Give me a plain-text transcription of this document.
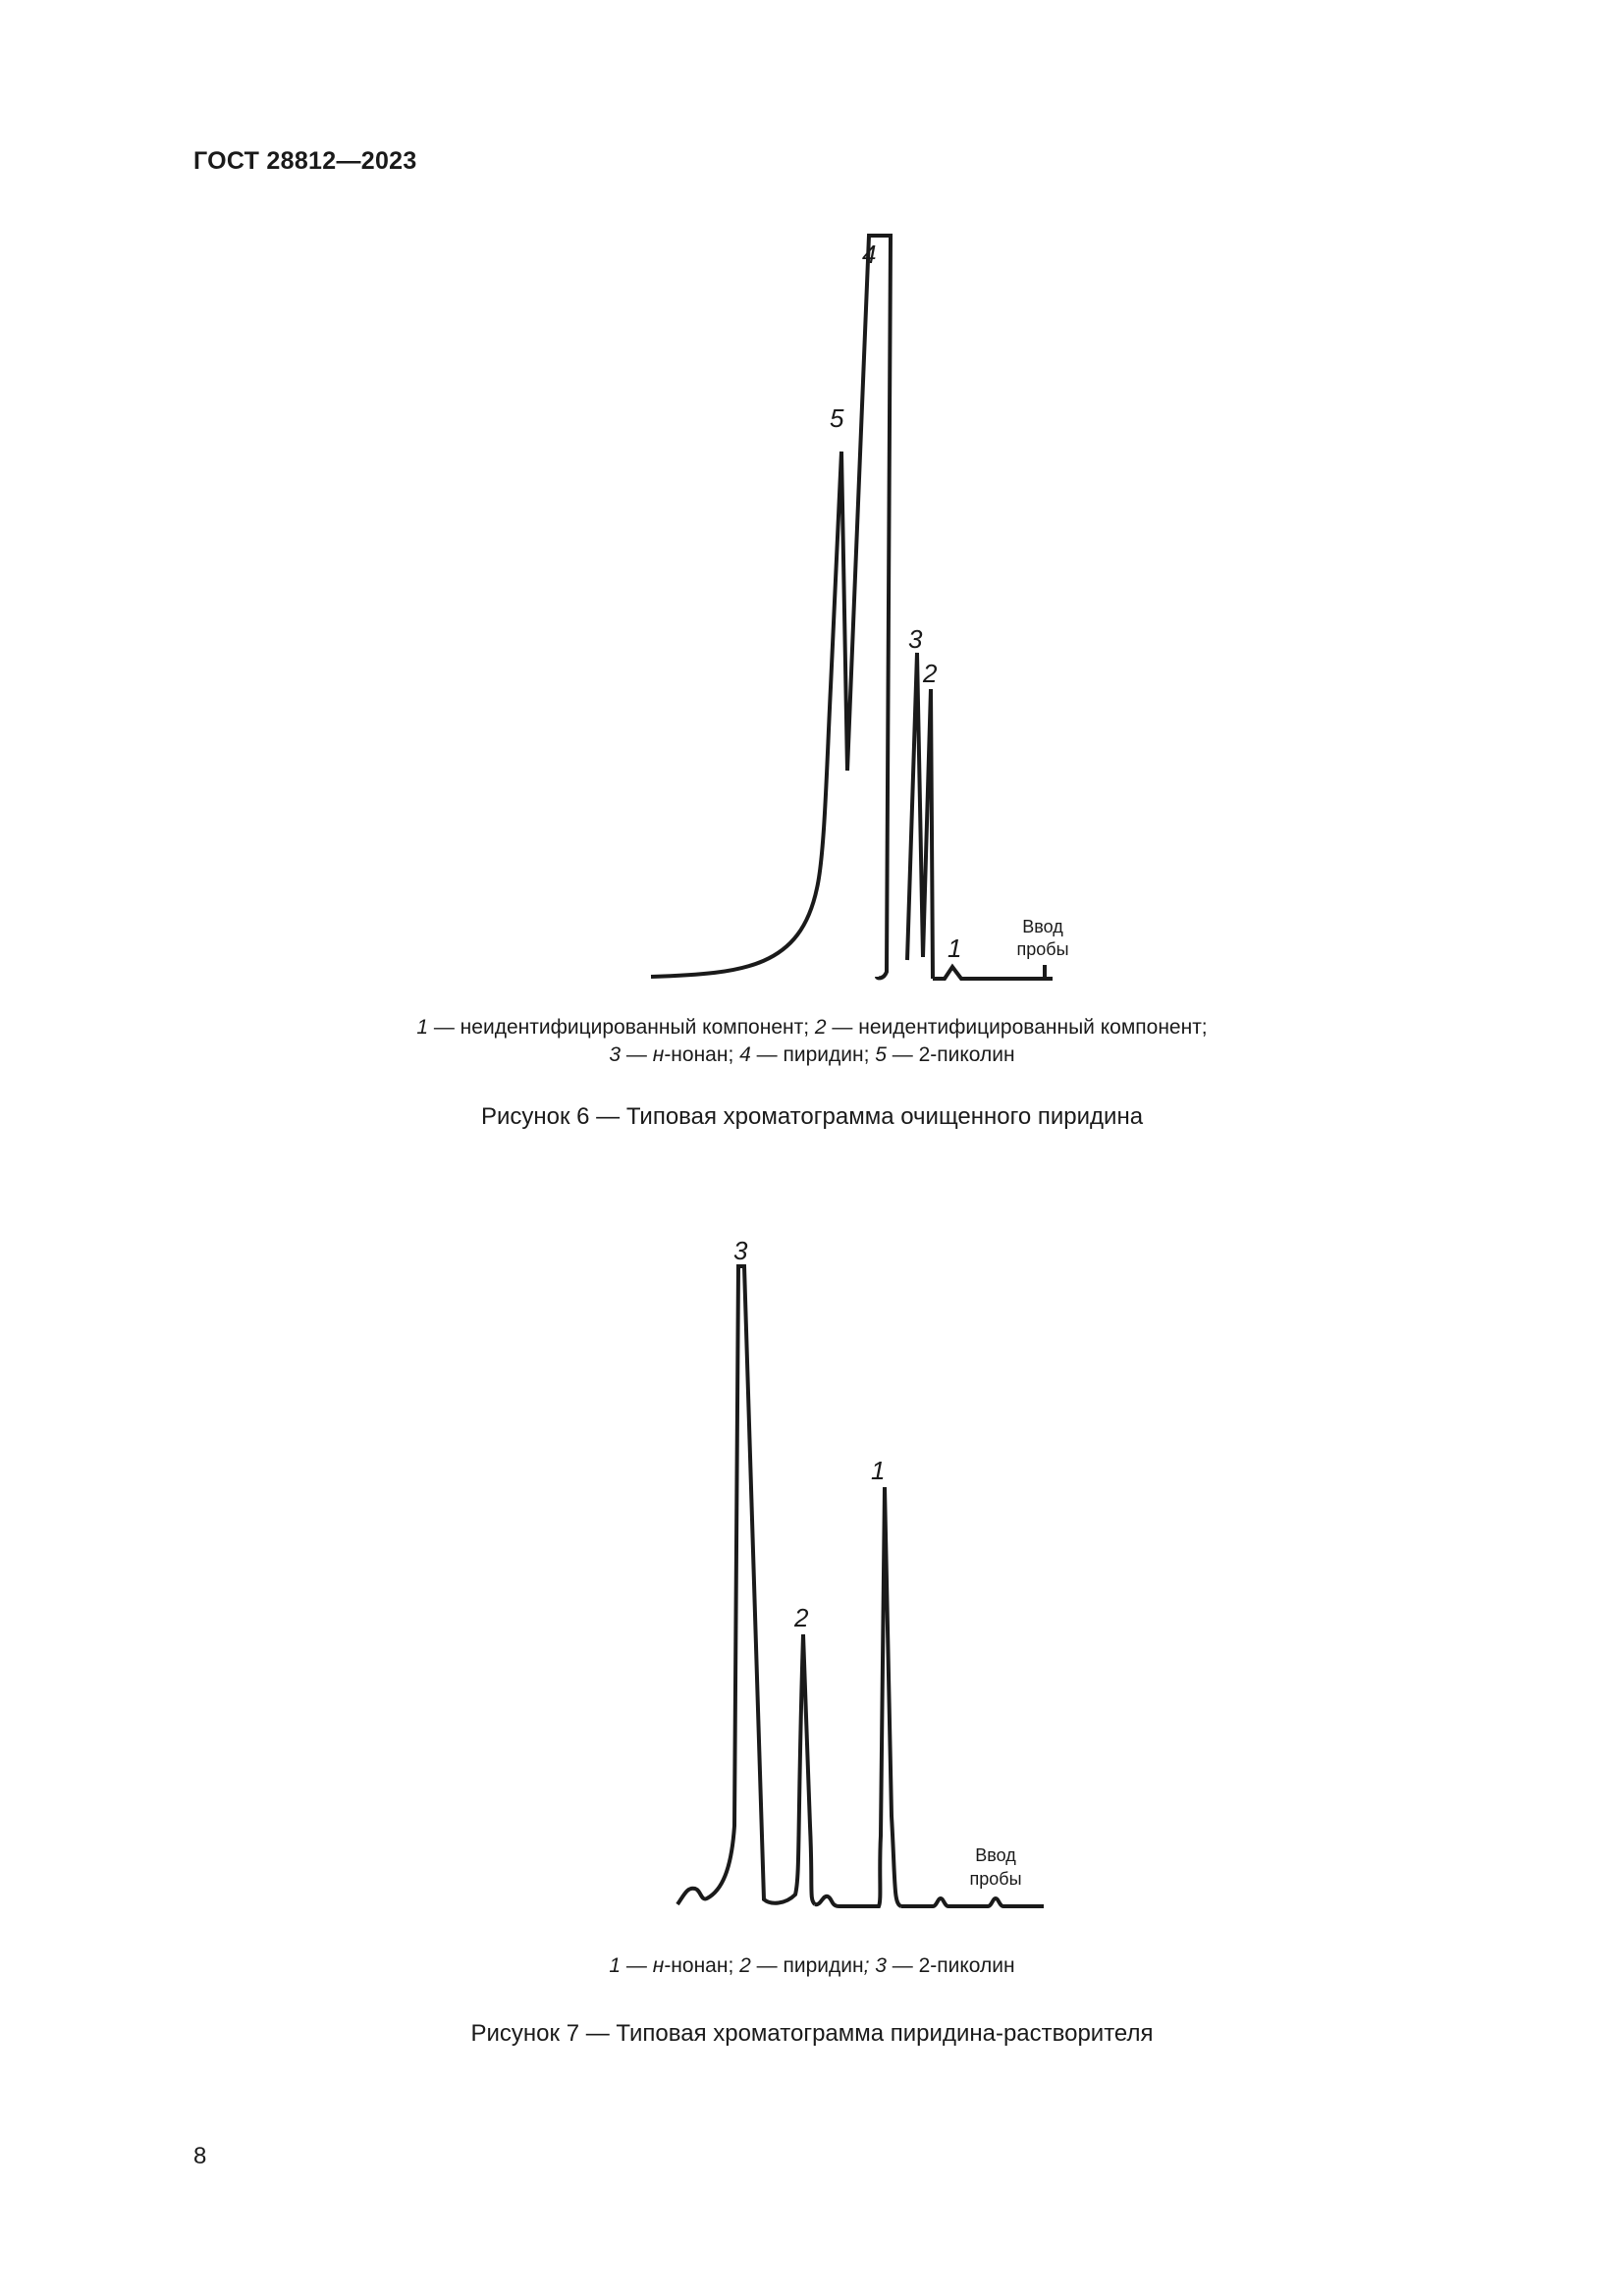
ГОСТ 28812—2023
4
5
3
2
1
Ввод
пробы
3
1
2
Ввод
пробы
1 — неидентифицированный компонент; 2 — неидентифицированный компонент;
3 — н-нонан; 4 — пиридин; 5 — 2-пиколин
Рисунок 6 — Типовая хроматограмма очищенного пиридина
1 — н-нонан; 2 — пиридин; 3 — 2-пиколин
Рисунок 7 — Типовая хроматограмма пиридина-растворителя
8
